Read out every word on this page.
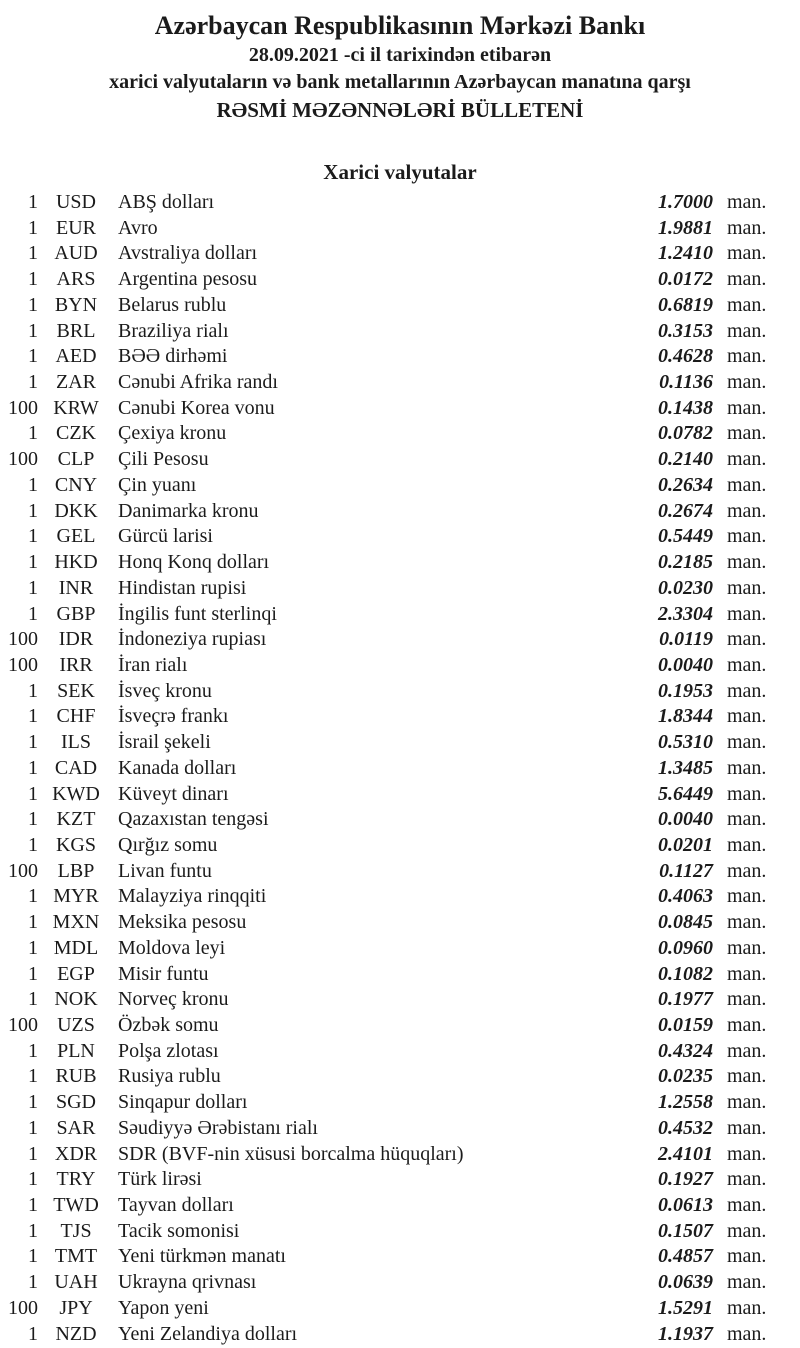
Azərbaycan Respublikasının Mərkəzi Bankı

28.09.2021 -ci il tarixindən etibarən

xarici valyutaların və bank metallarının Azərbaycan manatına qarşı

RƏSMİ MƏZƏNNƏLƏRİ BÜLLETENİ

Xarici valyutalar
1 USD	ABŞ dolları	1.7000 man.
1 EUR	Avro	1.9881 man.
1 AUD	Avstraliya dolları	1.2410 man.
1 ARS	Argentina pesosu	0.0172 man.
1 BYN	Belarus rublu	0.6819 man.
1 BRL	Braziliya rialı	0.3153 man.
1 AED	BƏƏ dirhəmi	0.4628 man.
1 ZAR	Cənubi Afrika randı	0.1136 man.
100 KRW Cənubi Korea vonu	0.1438 man.
1 CZK	Çexiya kronu	0.0782 man.
100 CLP	Çili Pesosu	0.2140 man.
1 CNY	Çin yuanı	0.2634 man.
1 DKK	Danimarka kronu	0.2674 man.
1 GEL	Gürcü larisi	0.5449 man.
1 HKD	Honq Konq dolları	0.2185 man.
1	INR	Hindistan rupisi	0.0230 man.
1 GBP	İngilis funt sterlinqi	2.3304 man.
100	IDR	İndoneziya rupiası	0.0119 man.
100	IRR	İran rialı	0.0040 man.
1 SEK	İsveç kronu	0.1953 man.
1 CHF	İsveçrə frankı	1.8344 man.
1	ILS	İsrail şekeli	0.5310 man.
1 CAD	Kanada dolları	1.3485 man.
1 KWD Küveyt dinarı	5.6449 man.
1 KZT	Qazaxıstan tengəsi	0.0040 man.
1 KGS	Qırğız somu	0.0201 man.
100 LBP	Livan funtu	0.1127 man.
1 MYR Malayziya rinqqiti	0.4063 man.
1 MXN Meksika pesosu	0.0845 man.
1 MDL Moldova leyi	0.0960 man.
1 EGP	Misir funtu	0.1082 man.
1 NOK	Norveç kronu	0.1977 man.
100 UZS	Özbək somu	0.0159 man.
1 PLN	Polşa zlotası	0.4324 man.
1 RUB	Rusiya rublu	0.0235 man.
1 SGD	Sinqapur dolları	1.2558 man.
1 SAR	Səudiyyə Ərəbistanı rialı	0.4532 man.
1 XDR	SDR (BVF-nin xüsusi borcalma hüquqları)	2.4101 man.
1 TRY	Türk lirəsi	0.1927 man.
1 TWD Tayvan dolları	0.0613 man.
1	TJS	Tacik somonisi	0.1507 man.
1 TMT	Yeni türkmən manatı	0.4857 man.
1 UAH	Ukrayna qrivnası	0.0639 man.
100	JPY	Yapon yeni	1.5291 man.
1 NZD	Yeni Zelandiya dolları	1.1937 man.
